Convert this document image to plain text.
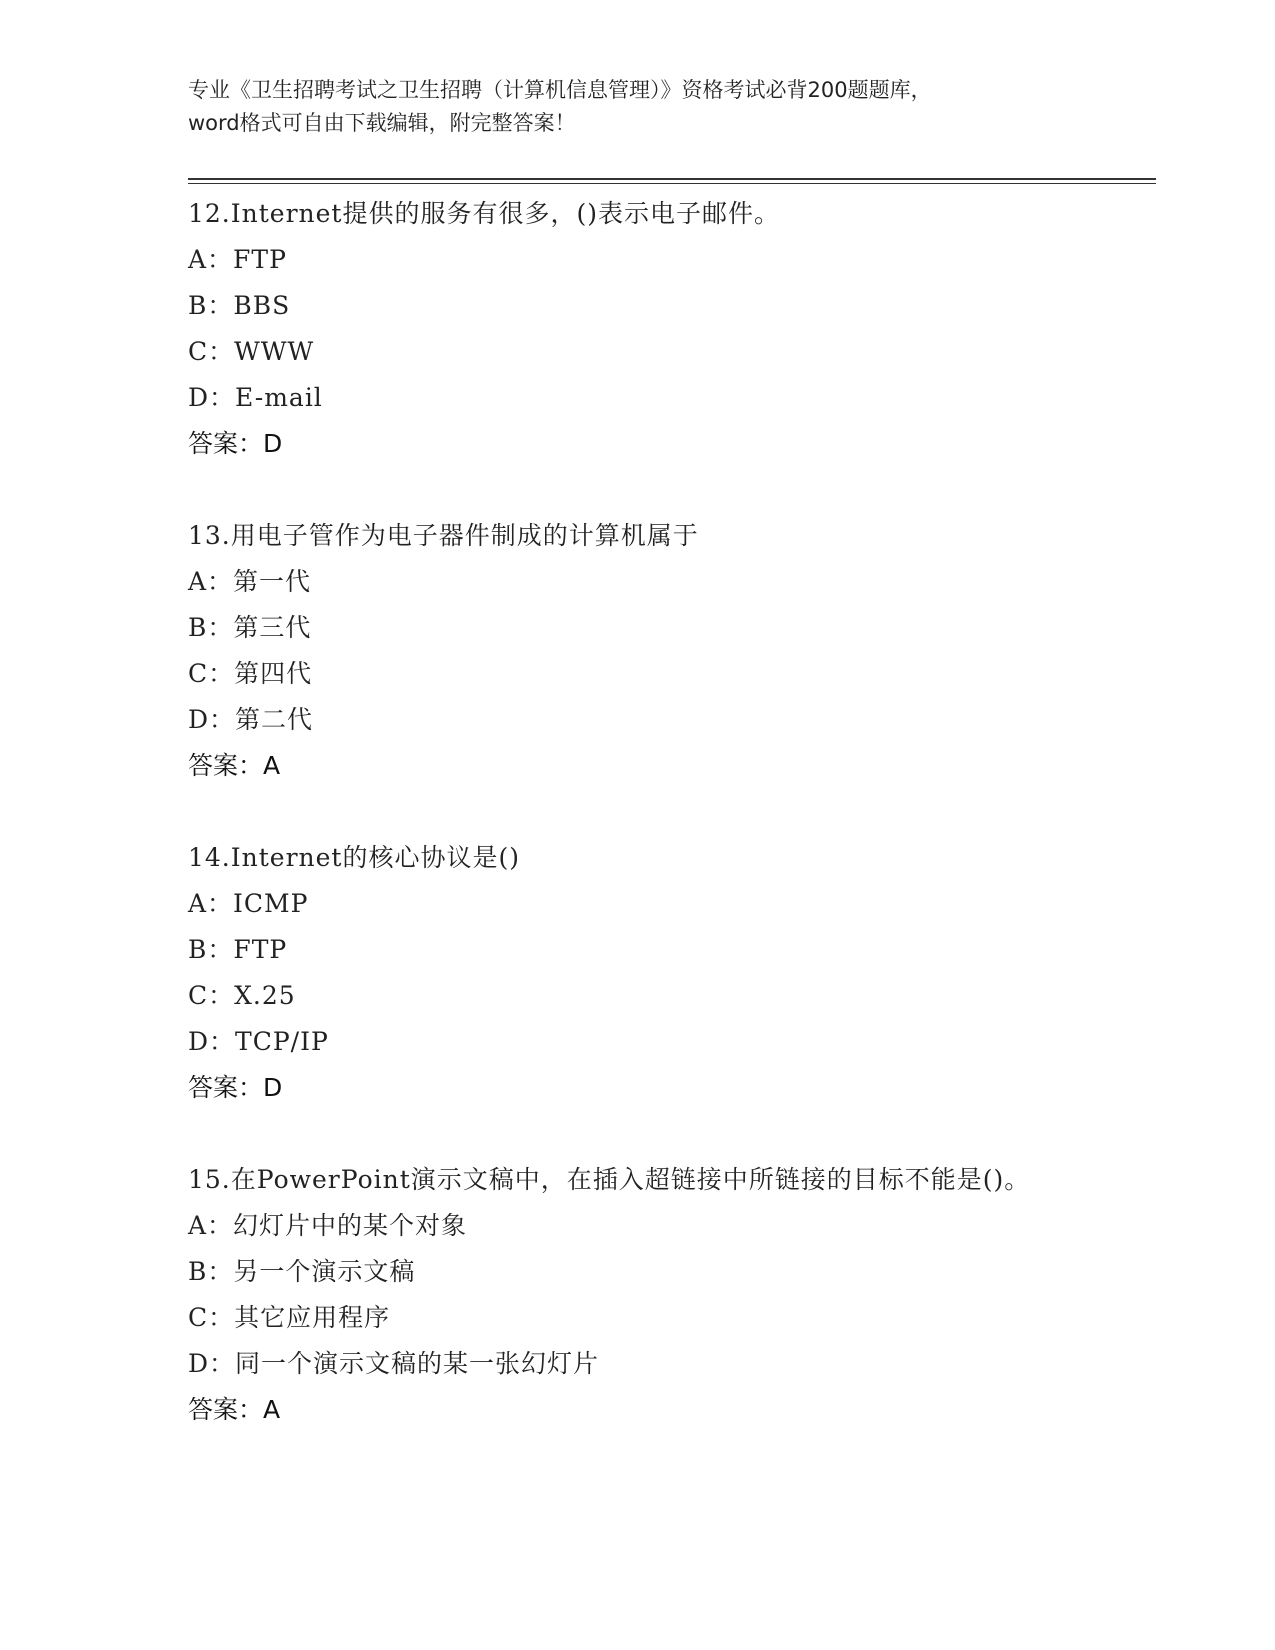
专业《卫生招聘考试之卫生招聘（计算机信息管理）》资格考试必背200题题库，
word格式可自由下载编辑，附完整答案！
12.Internet提供的服务有很多，()表示电子邮件。
A：FTP
B：BBS
C：WWW
D：E-mail
答案：D
13.用电子管作为电子器件制成的计算机属于
A：第一代
B：第三代
C：第四代
D：第二代
答案：A
14.Internet的核心协议是()
A：ICMP
B：FTP
C：X.25
D：TCP/IP
答案：D
15.在PowerPoint演示文稿中，在插入超链接中所链接的目标不能是()。
A：幻灯片中的某个对象
B：另一个演示文稿
C：其它应用程序
D：同一个演示文稿的某一张幻灯片
答案：A
